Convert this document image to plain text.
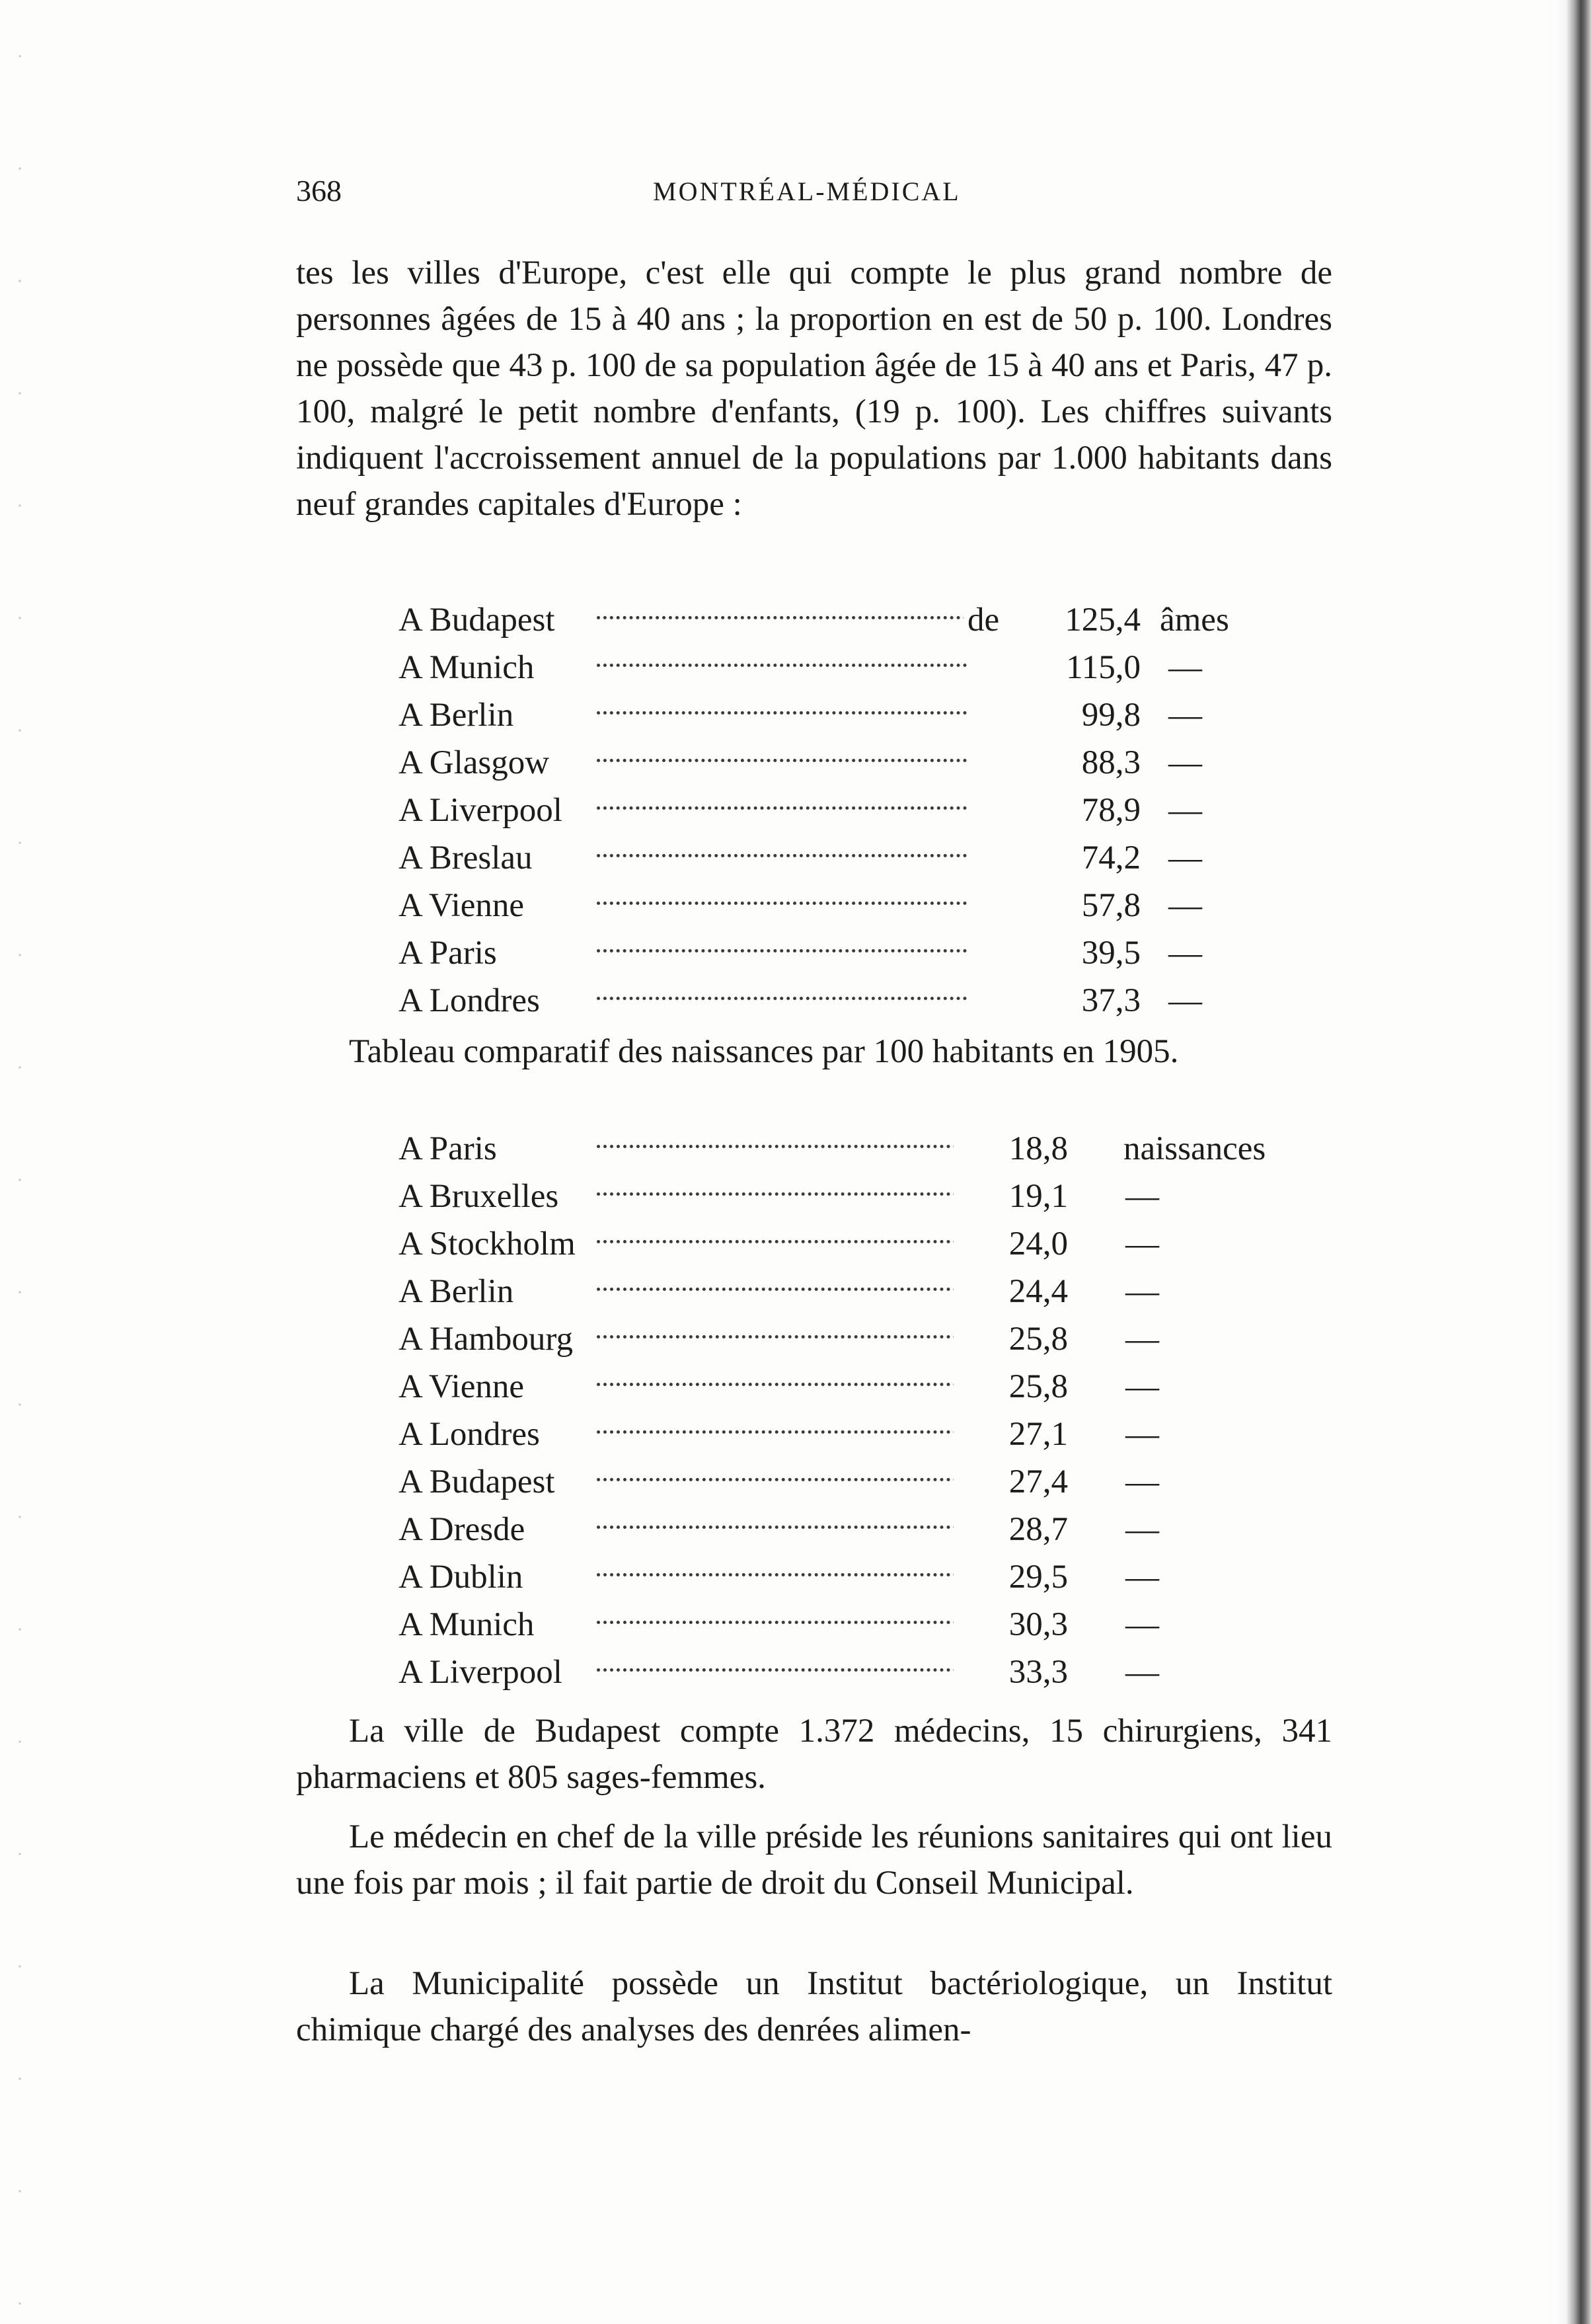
368	MONTRÉAL-MÉDICAL

tes les villes d'Europe, c'est elle qui compte le plus grand nombre de personnes âgées de 15 à 40 ans ; la proportion en est de 50 p. 100. Londres ne possède que 43 p. 100 de sa population âgée de 15 à 40 ans et Paris, 47 p. 100, malgré le petit nombre d'enfants, (19 p. 100). Les chiffres suivants indiquent l'accroissement annuel de la populations par 1.000 habitants dans neuf grandes capitales d'Europe :

A Budapest	de	125,4 âmes
A Munich	115,0 —
A Berlin	99,8 —
A Glasgow	88,3 —
A Liverpool	78,9 —
A Breslau	74,2 —
A Vienne	57,8 —
A Paris	39,5 —
A Londres	37,3 —

Tableau comparatif des naissances par 100 habitants en 1905.

A Paris	18,8 naissances
A Bruxelles	19,1 —
A Stockholm	24,0 —
A Berlin	24,4 —
A Hambourg	25,8 —
A Vienne	25,8 —
A Londres	27,1 —
A Budapest	27,4 —
A Dresde	28,7 —
A Dublin	29,5 —
A Munich	30,3 —
A Liverpool	33,3 —

La ville de Budapest compte 1.372 médecins, 15 chirurgiens, 341 pharmaciens et 805 sages-femmes.

Le médecin en chef de la ville préside les réunions sanitaires qui ont lieu une fois par mois ; il fait partie de droit du Conseil Municipal.

La Municipalité possède un Institut bactériologique, un Institut chimique chargé des analyses des denrées alimen-
